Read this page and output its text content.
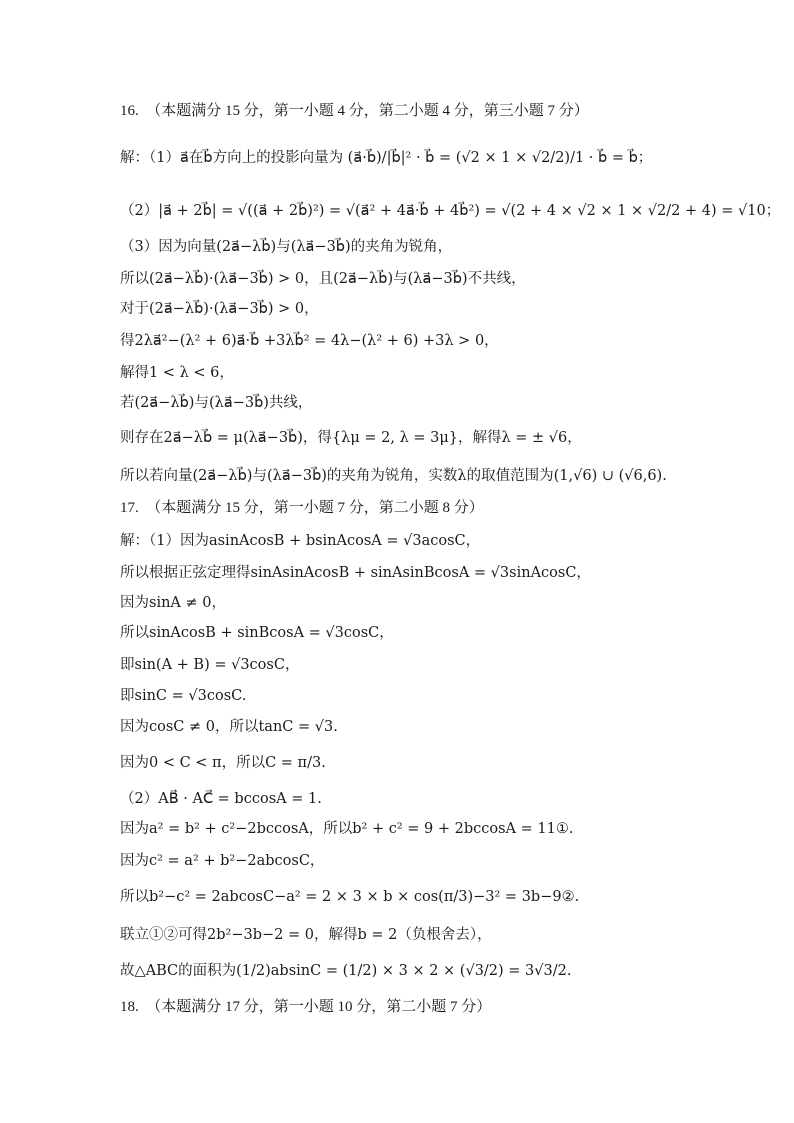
16.　（本题满分 15 分，第一小题 4 分，第二小题 4 分，第三小题 7 分）
解：（1）a⃗在b⃗方向上的投影向量为 (a⃗·b⃗)/|b⃗|² · b⃗ = (√2 × 1 × √2/2)/1 · b⃗ = b⃗；
（2）|a⃗ + 2b⃗| = √((a⃗ + 2b⃗)²) = √(a⃗² + 4a⃗·b⃗ + 4b⃗²) = √(2 + 4 × √2 × 1 × √2/2 + 4) = √10；
（3）因为向量(2a⃗−λb⃗)与(λa⃗−3b⃗)的夹角为锐角，
所以(2a⃗−λb⃗)·(λa⃗−3b⃗) > 0，且(2a⃗−λb⃗)与(λa⃗−3b⃗)不共线，
对于(2a⃗−λb⃗)·(λa⃗−3b⃗) > 0，
得2λa⃗²−(λ² + 6)a⃗·b⃗ +3λb⃗² = 4λ−(λ² + 6) +3λ > 0，
解得1 < λ < 6，
若(2a⃗−λb⃗)与(λa⃗−3b⃗)共线，
则存在2a⃗−λb⃗ = μ(λa⃗−3b⃗)，得{λμ = 2, λ = 3μ}，解得λ = ± √6，
所以若向量(2a⃗−λb⃗)与(λa⃗−3b⃗)的夹角为锐角，实数λ的取值范围为(1,√6) ∪ (√6,6).
17.　（本题满分 15 分，第一小题 7 分，第二小题 8 分）
解：（1）因为asinAcosB + bsinAcosA = √3acosC，
所以根据正弦定理得sinAsinAcosB + sinAsinBcosA = √3sinAcosC，
因为sinA ≠ 0，
所以sinAcosB + sinBcosA = √3cosC，
即sin(A + B) = √3cosC，
即sinC = √3cosC.
因为cosC ≠ 0，所以tanC = √3.
因为0 < C < π，所以C = π/3.
（2）AB⃗ · AC⃗ = bccosA = 1.
因为a² = b² + c²−2bccosA，所以b² + c² = 9 + 2bccosA = 11①.
因为c² = a² + b²−2abcosC，
所以b²−c² = 2abcosC−a² = 2 × 3 × b × cos(π/3)−3² = 3b−9②.
联立①②可得2b²−3b−2 = 0，解得b = 2（负根舍去），
故△ABC的面积为(1/2)absinC = (1/2) × 3 × 2 × (√3/2) = 3√3/2.
18.　（本题满分 17 分，第一小题 10 分，第二小题 7 分）
